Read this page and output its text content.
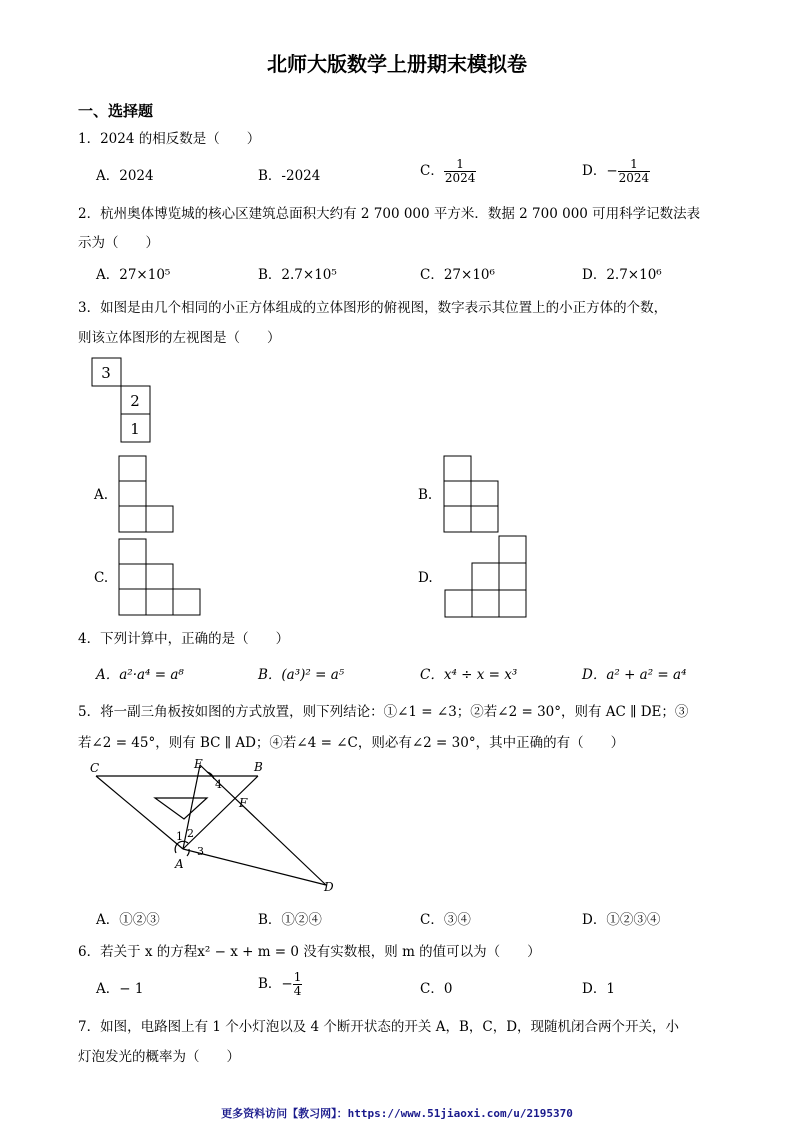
北师大版数学上册期末模拟卷
一、选择题
1．2024 的相反数是（　　）
A．2024	B．-2024	C． $\frac{1}{2024}$	D．− $\frac{1}{2024}$
2．杭州奥体博览城的核心区建筑总面积大约有 2 700 000 平方米．数据 2 700 000 可用科学记数法表
示为（　　）
A．27×10⁵	B．2.7×10⁵	C．27×10⁶	D．2.7×10⁶
3．如图是由几个相同的小正方体组成的立体图形的俯视图，数字表示其位置上的小正方体的个数，
则该立体图形的左视图是（　　）
3
2
1
A.	B.
C.	D.
4．下列计算中，正确的是（　　）
A．a²·a⁴ = a⁸	B．(a³)² = a⁵	C．x⁴ ÷ x = x³	D．a² + a² = a⁴
5．将一副三角板按如图的方式放置，则下列结论：①∠1 = ∠3；②若∠2 = 30°，则有 AC ∥ DE；③
若∠2 = 45°，则有 BC ∥ AD；④若∠4 = ∠C，则必有∠2 = 30°，其中正确的有（　　）
C	E	B
F
A
D
1 2
3
4
A．①②③	B．①②④	C．③④	D．①②③④
6．若关于 x 的方程x² − x + m = 0 没有实数根，则 m 的值可以为（　　）
A．− 1	B．− $\frac{1}{4}$	C．0	D．1
7．如图，电路图上有 1 个小灯泡以及 4 个断开状态的开关 A，B，C，D，现随机闭合两个开关，小
灯泡发光的概率为（　　）
更多资料访问【教习网】：https://www.51jiaoxi.com/u/2195370
